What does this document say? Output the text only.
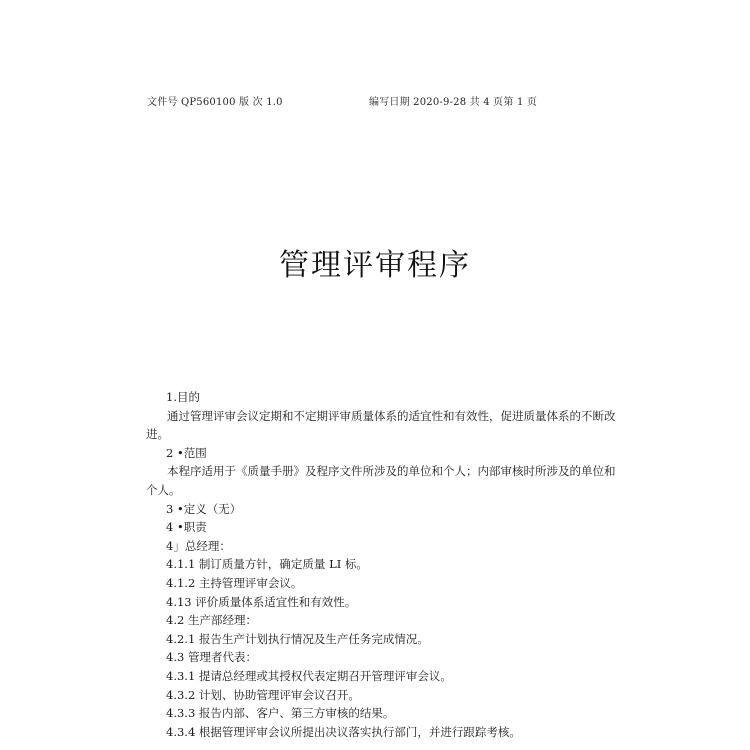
文件号 QP560100 版 次 1.0	编写日期 2020-9-28 共 4 页第 1 页
管理评审程序
1.目的
通过管理评审会议定期和不定期评审质量体系的适宜性和有效性，促进质量体系的不断改
进。
2 •范围
本程序适用于《质量手册》及程序文件所涉及的单位和个人；内部审核时所涉及的单位和
个人。
3 •定义（无）
4 •职责
4」总经理：
4.1.1 制订质量方针，确定质量 LI 标。
4.1.2 主持管理评审会议。
4.13 评价质量体系适宜性和有效性。
4.2 生产部经理：
4.2.1 报告生产计划执行情况及生产任务完成情况。
4.3 管理者代表：
4.3.1 提请总经理或其授权代表定期召开管理评审会议。
4.3.2 计划、协助管理评审会议召开。
4.3.3 报告内部、客户、第三方审核的结果。
4.3.4 根据管理评审会议所提出决议落实执行部门，并进行跟踪考核。
